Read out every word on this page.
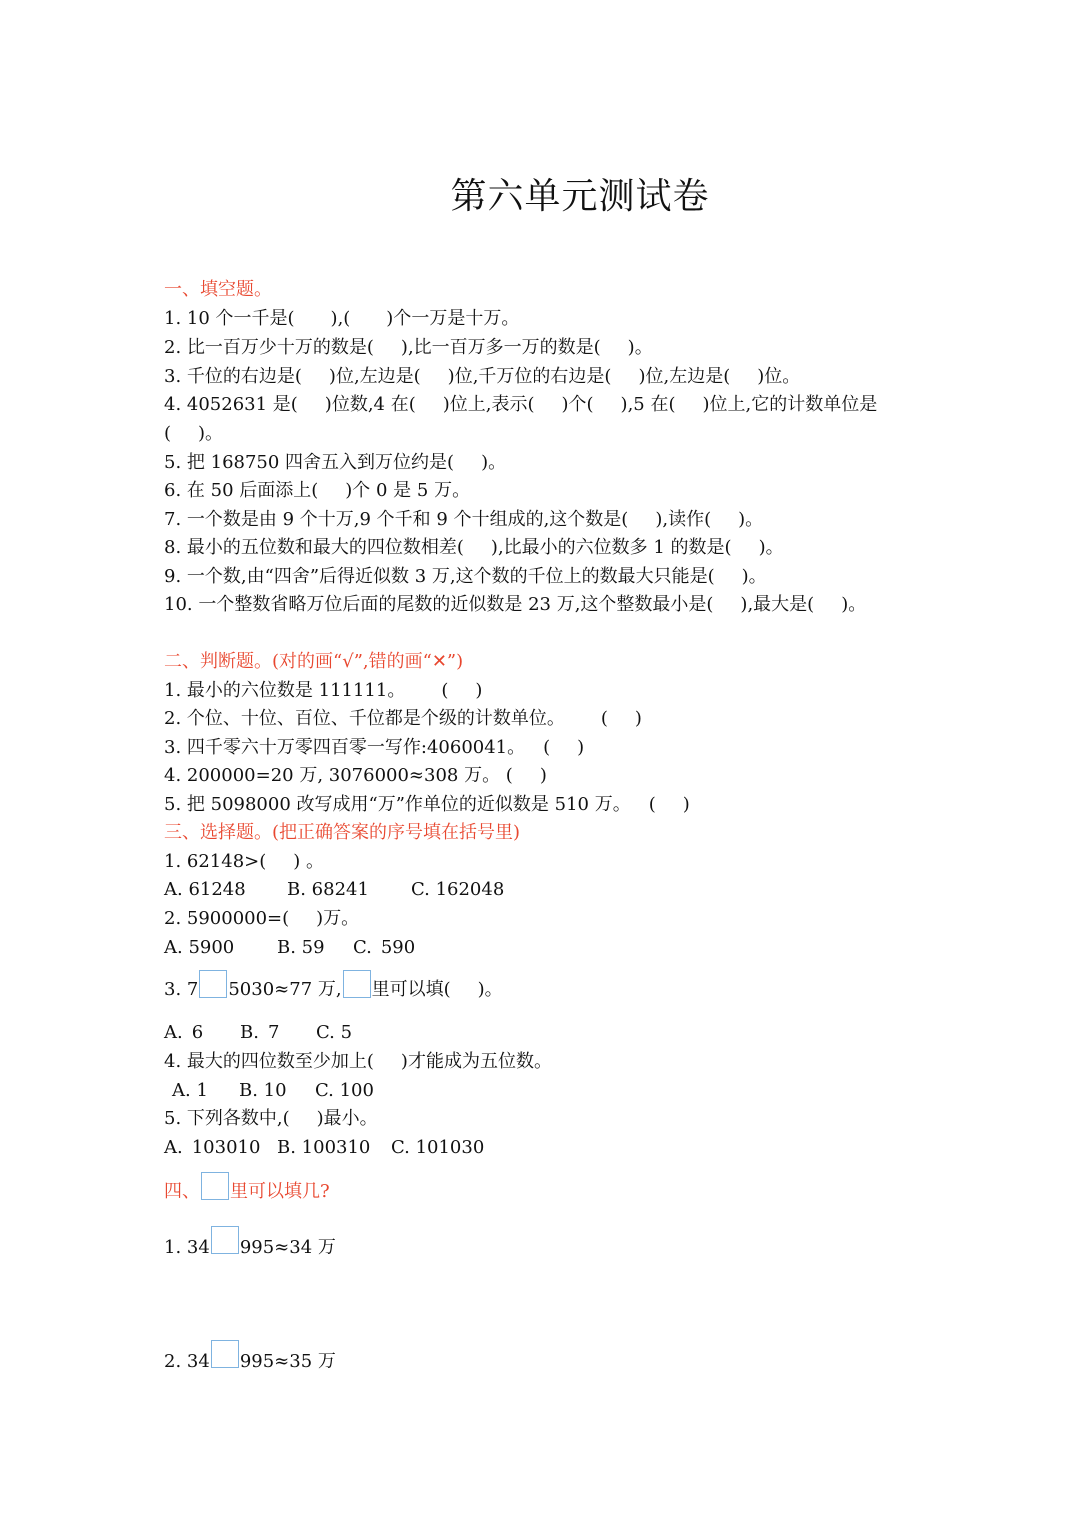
第六单元测试卷
一、填空题。
1. 10 个一千是(  ),(  )个一万是十万。
2. 比一百万少十万的数是(  ),比一百万多一万的数是(  )。
3. 千位的右边是(  )位,左边是(  )位,千万位的右边是(  )位,左边是(  )位。
4. 4052631 是(  )位数,4 在(  )位上,表示(  )个(  ),5 在(  )位上,它的计数单位是
(  )。
5. 把 168750 四舍五入到万位约是(  )。
6. 在 50 后面添上(  )个 0 是 5 万。
7. 一个数是由 9 个十万,9 个千和 9 个十组成的,这个数是(  ),读作(  )。
8. 最小的五位数和最大的四位数相差(  ),比最小的六位数多 1 的数是(  )。
9. 一个数,由“四舍”后得近似数 3 万,这个数的千位上的数最大只能是(  )。
10. 一个整数省略万位后面的尾数的近似数是 23 万,这个整数最小是(  ),最大是(  )。
二、判断题。(对的画“√”,错的画“✕”)
1. 最小的六位数是 111111。  (  )
2. 个位、十位、百位、千位都是个级的计数单位。  (  )
3. 四千零六十万零四百零一写作:4060041。 (  )
4. 200000=20 万, 3076000≈308 万。 (  )
5. 把 5098000 改写成用“万”作单位的近似数是 510 万。 (  )
三、选择题。(把正确答案的序号填在括号里)
1. 62148>(  ) 。
A. 61248 B. 68241 C. 162048
2. 5900000=(  )万。
A. 5900 B. 59 C. 590
3. 7 5030≈77 万, 里可以填(  )。
A. 6 B. 7 C. 5
4. 最大的四位数至少加上(  )才能成为五位数。
A. 1 B. 10 C. 100
5. 下列各数中,(  )最小。
A. 103010 B. 100310 C. 101030
四、 里可以填几?
1. 34 995≈34 万
2. 34 995≈35 万
